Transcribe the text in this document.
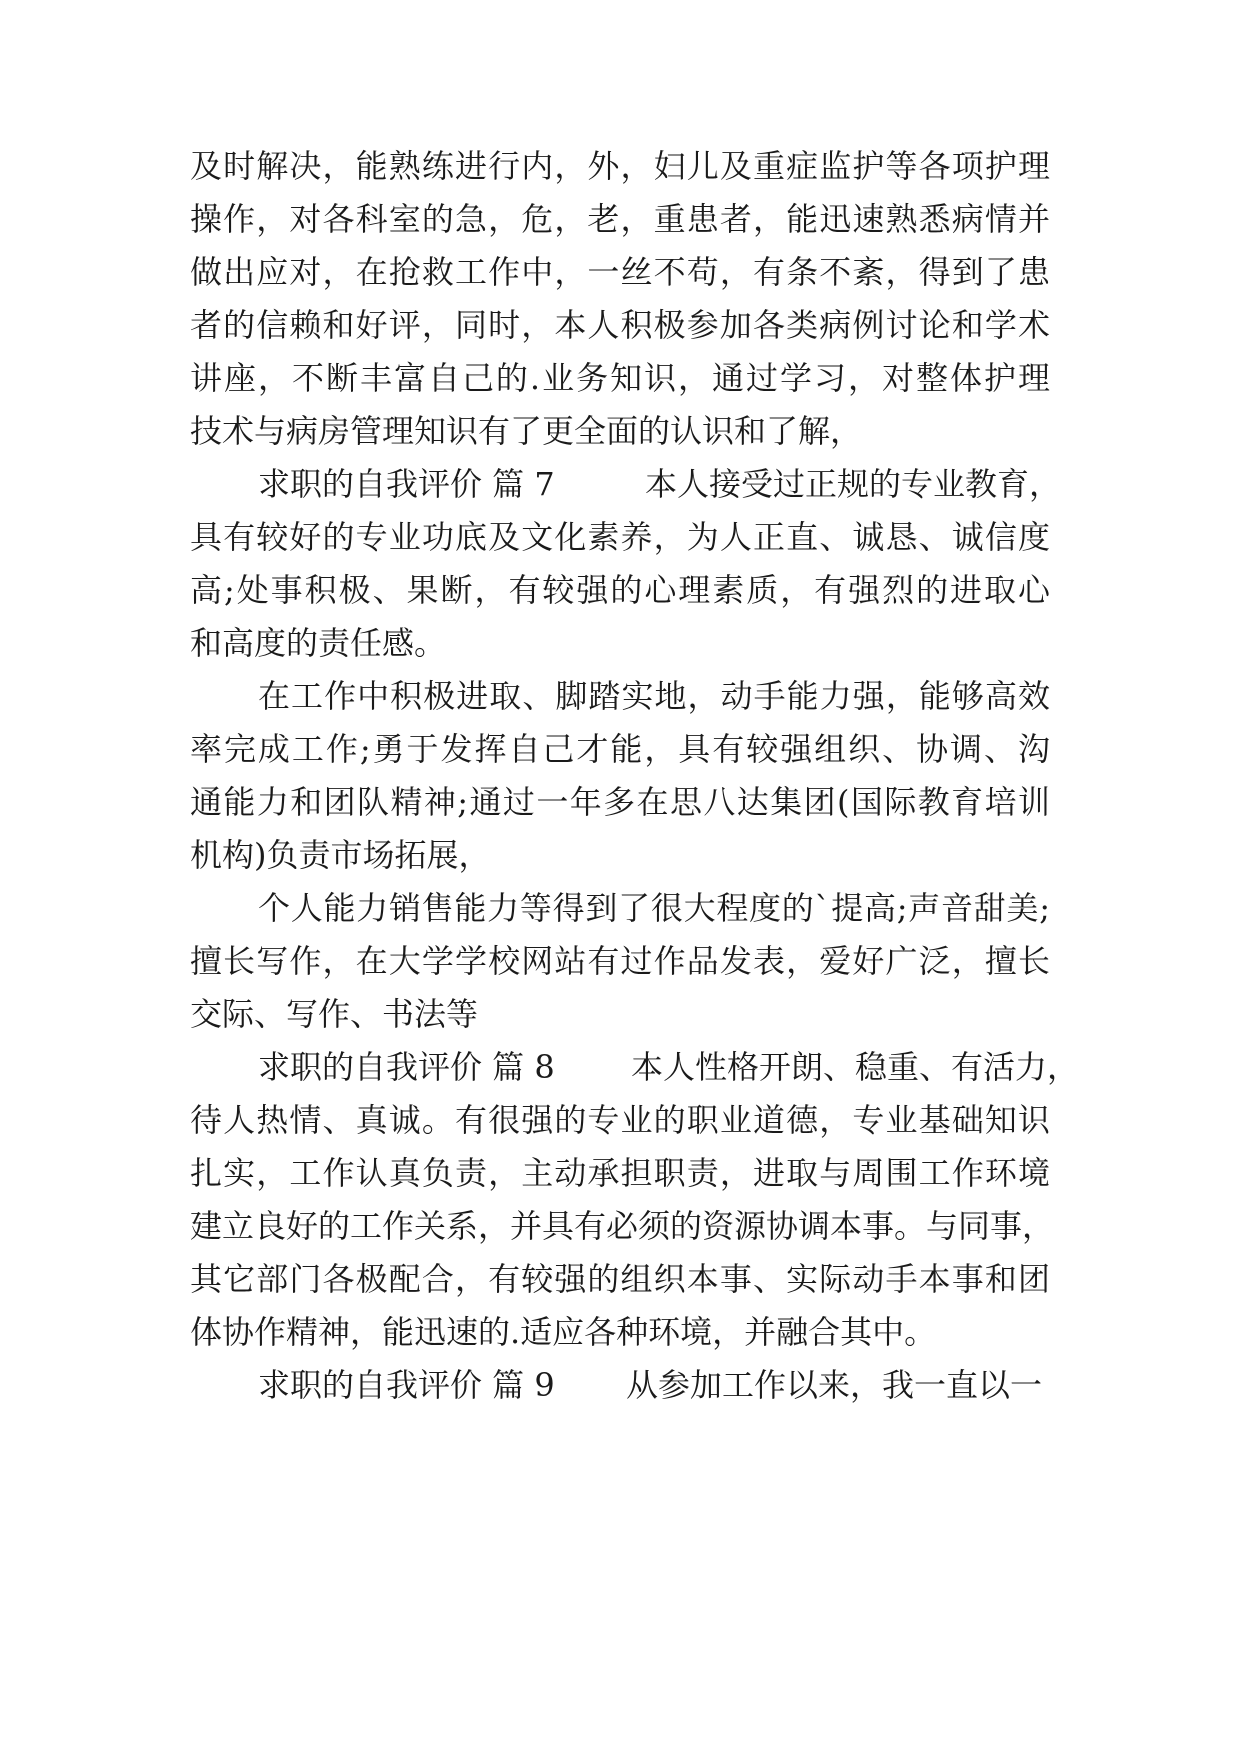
及时解决，能熟练进行内，外，妇儿及重症监护等各项护理
操作，对各科室的急，危，老，重患者，能迅速熟悉病情并
做出应对，在抢救工作中，一丝不苟，有条不紊，得到了患
者的信赖和好评，同时，本人积极参加各类病例讨论和学术
讲座，不断丰富自己的.业务知识，通过学习，对整体护理
技术与病房管理知识有了更全面的认识和了解，
求职的自我评价 篇 7	本人接受过正规的专业教育，
具有较好的专业功底及文化素养，为人正直、诚恳、诚信度
高;处事积极、果断，有较强的心理素质，有强烈的进取心
和高度的责任感。
在工作中积极进取、脚踏实地，动手能力强，能够高效
率完成工作;勇于发挥自己才能，具有较强组织、协调、沟
通能力和团队精神;通过一年多在思八达集团(国际教育培训
机构)负责市场拓展，
个人能力销售能力等得到了很大程度的`提高;声音甜美;
擅长写作，在大学学校网站有过作品发表，爱好广泛，擅长
交际、写作、书法等
求职的自我评价 篇 8 本人性格开朗、稳重、有活力，
待人热情、真诚。有很强的专业的职业道德，专业基础知识
扎实，工作认真负责，主动承担职责，进取与周围工作环境
建立良好的工作关系，并具有必须的资源协调本事。与同事，
其它部门各极配合，有较强的组织本事、实际动手本事和团
体协作精神，能迅速的.适应各种环境，并融合其中。
求职的自我评价 篇 9 从参加工作以来，我一直以一
